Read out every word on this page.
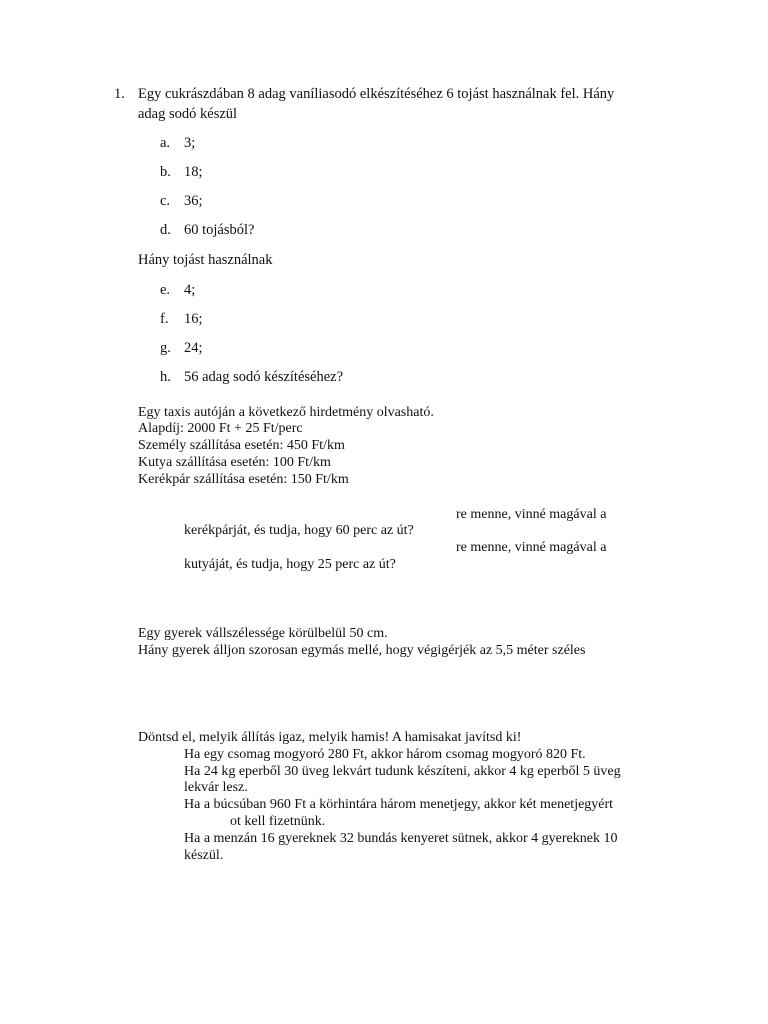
1. Egy cukrászdában 8 adag vaníliasodó elkészítéséhez 6 tojást használnak fel. Hány
adag sodó készül
a. 3;
b. 18;
c. 36;
d. 60 tojásból?
Hány tojást használnak
e. 4;
f. 16;
g. 24;
h. 56 adag sodó készítéséhez?
Egy taxis autóján a következő hirdetmény olvasható.
Alapdíj: 2000 Ft + 25 Ft/perc
Személy szállítása esetén: 450 Ft/km
Kutya szállítása esetén: 100 Ft/km
Kerékpár szállítása esetén: 150 Ft/km
re menne, vinné magával a
kerékpárját, és tudja, hogy 60 perc az út?
re menne, vinné magával a
kutyáját, és tudja, hogy 25 perc az út?
Egy gyerek vállszélessége körülbelül 50 cm.
Hány gyerek álljon szorosan egymás mellé, hogy végigérjék az 5,5 méter széles
Döntsd el, melyik állítás igaz, melyik hamis! A hamisakat javítsd ki!
Ha egy csomag mogyoró 280 Ft, akkor három csomag mogyoró 820 Ft.
Ha 24 kg eperből 30 üveg lekvárt tudunk készíteni, akkor 4 kg eperből 5 üveg
lekvár lesz.
Ha a búcsúban 960 Ft a körhintára három menetjegy, akkor két menetjegyért
ot kell fizetnünk.
Ha a menzán 16 gyereknek 32 bundás kenyeret sütnek, akkor 4 gyereknek 10
készül.
